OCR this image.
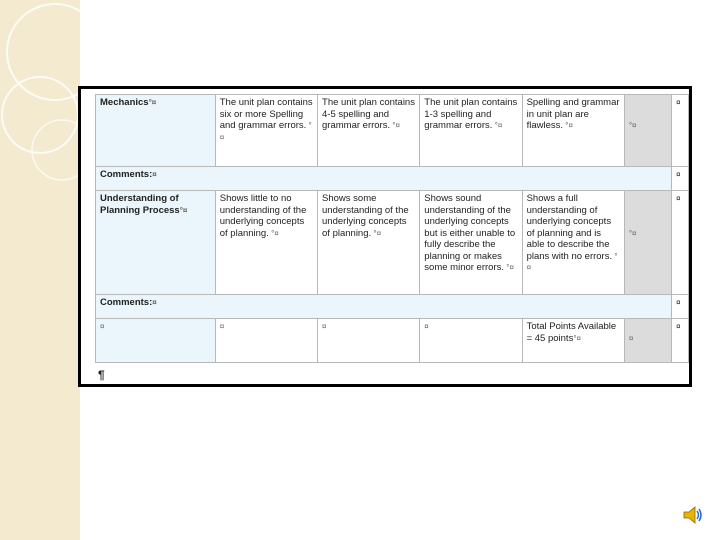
Mechanics°¤	The unit plan contains six or more Spelling and grammar errors. °¤	The unit plan contains 4-5 spelling and grammar errors. °¤	The unit plan contains 1-3 spelling and grammar errors. °¤	Spelling and grammar in unit plan are flawless. °¤	°¤	¤
Comments:¤						¤
Understanding of Planning Process°¤	Shows little to no understanding of the underlying concepts of planning. °¤	Shows some understanding of the underlying concepts of planning. °¤	Shows sound understanding of the underlying concepts but is either unable to fully describe the planning or makes some minor errors. °¤	Shows a full understanding of underlying concepts of planning and is able to describe the plans with no errors. °¤	°¤	¤
Comments:¤						¤
¤	¤	¤	¤	Total Points Available = 45 points°¤	¤	¤
¶
